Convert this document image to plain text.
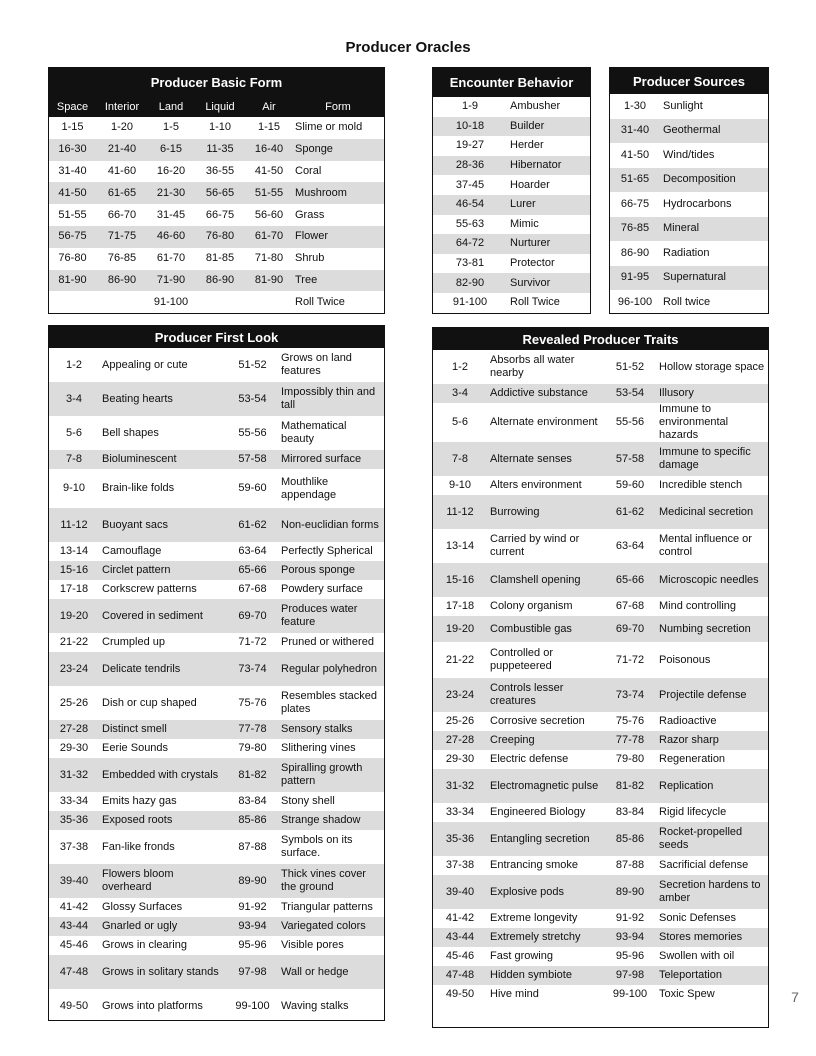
Producer Oracles
Producer Basic Form					
Space	Interior	Land	Liquid	Air	Form
1-15	1-20	1-5	1-10	1-15	Slime or mold
16-30	21-40	6-15	11-35	16-40	Sponge
31-40	41-60	16-20	36-55	41-50	Coral
41-50	61-65	21-30	56-65	51-55	Mushroom
51-55	66-70	31-45	66-75	56-60	Grass
56-75	71-75	46-60	76-80	61-70	Flower
76-80	76-85	61-70	81-85	71-80	Shrub
81-90	86-90	71-90	86-90	81-90	Tree
		91-100			Roll Twice
Encounter Behavior	
1-9	Ambusher
10-18	Builder
19-27	Herder
28-36	Hibernator
37-45	Hoarder
46-54	Lurer
55-63	Mimic
64-72	Nurturer
73-81	Protector
82-90	Survivor
91-100	Roll Twice
Producer Sources	
1-30	Sunlight
31-40	Geothermal
41-50	Wind/tides
51-65	Decomposition
66-75	Hydrocarbons
76-85	Mineral
86-90	Radiation
91-95	Supernatural
96-100	Roll twice
Producer First Look			
1-2	Appealing or cute	51-52	Grows on land features
3-4	Beating hearts	53-54	Impossibly thin and tall
5-6	Bell shapes	55-56	Mathematical beauty
7-8	Bioluminescent	57-58	Mirrored surface
9-10	Brain-like folds	59-60	Mouthlike appendage
11-12	Buoyant sacs	61-62	Non-euclidian forms
13-14	Camouflage	63-64	Perfectly Spherical
15-16	Circlet pattern	65-66	Porous sponge
17-18	Corkscrew patterns	67-68	Powdery surface
19-20	Covered in sediment	69-70	Produces water feature
21-22	Crumpled up	71-72	Pruned or withered
23-24	Delicate tendrils	73-74	Regular polyhedron
25-26	Dish or cup shaped	75-76	Resembles stacked plates
27-28	Distinct smell	77-78	Sensory stalks
29-30	Eerie Sounds	79-80	Slithering vines
31-32	Embedded with crystals	81-82	Spiralling growth pattern
33-34	Emits hazy gas	83-84	Stony shell
35-36	Exposed roots	85-86	Strange shadow
37-38	Fan-like fronds	87-88	Symbols on its surface.
39-40	Flowers bloom overheard	89-90	Thick vines cover the ground
41-42	Glossy Surfaces	91-92	Triangular patterns
43-44	Gnarled or ugly	93-94	Variegated colors
45-46	Grows in clearing	95-96	Visible pores
47-48	Grows in solitary stands	97-98	Wall or hedge
49-50	Grows into platforms	99-100	Waving stalks
Revealed Producer Traits			
1-2	Absorbs all water nearby	51-52	Hollow storage space
3-4	Addictive substance	53-54	Illusory
5-6	Alternate environment	55-56	Immune to environmental hazards
7-8	Alternate senses	57-58	Immune to specific damage
9-10	Alters environment	59-60	Incredible stench
11-12	Burrowing	61-62	Medicinal secretion
13-14	Carried by wind or current	63-64	Mental influence or control
15-16	Clamshell opening	65-66	Microscopic needles
17-18	Colony organism	67-68	Mind controlling
19-20	Combustible gas	69-70	Numbing secretion
21-22	Controlled or puppeteered	71-72	Poisonous
23-24	Controls lesser creatures	73-74	Projectile defense
25-26	Corrosive secretion	75-76	Radioactive
27-28	Creeping	77-78	Razor sharp
29-30	Electric defense	79-80	Regeneration
31-32	Electromagnetic pulse	81-82	Replication
33-34	Engineered Biology	83-84	Rigid lifecycle
35-36	Entangling secretion	85-86	Rocket-propelled seeds
37-38	Entrancing smoke	87-88	Sacrificial defense
39-40	Explosive pods	89-90	Secretion hardens to amber
41-42	Extreme longevity	91-92	Sonic Defenses
43-44	Extremely stretchy	93-94	Stores memories
45-46	Fast growing	95-96	Swollen with oil
47-48	Hidden symbiote	97-98	Teleportation
49-50	Hive mind	99-100	Toxic Spew	7
